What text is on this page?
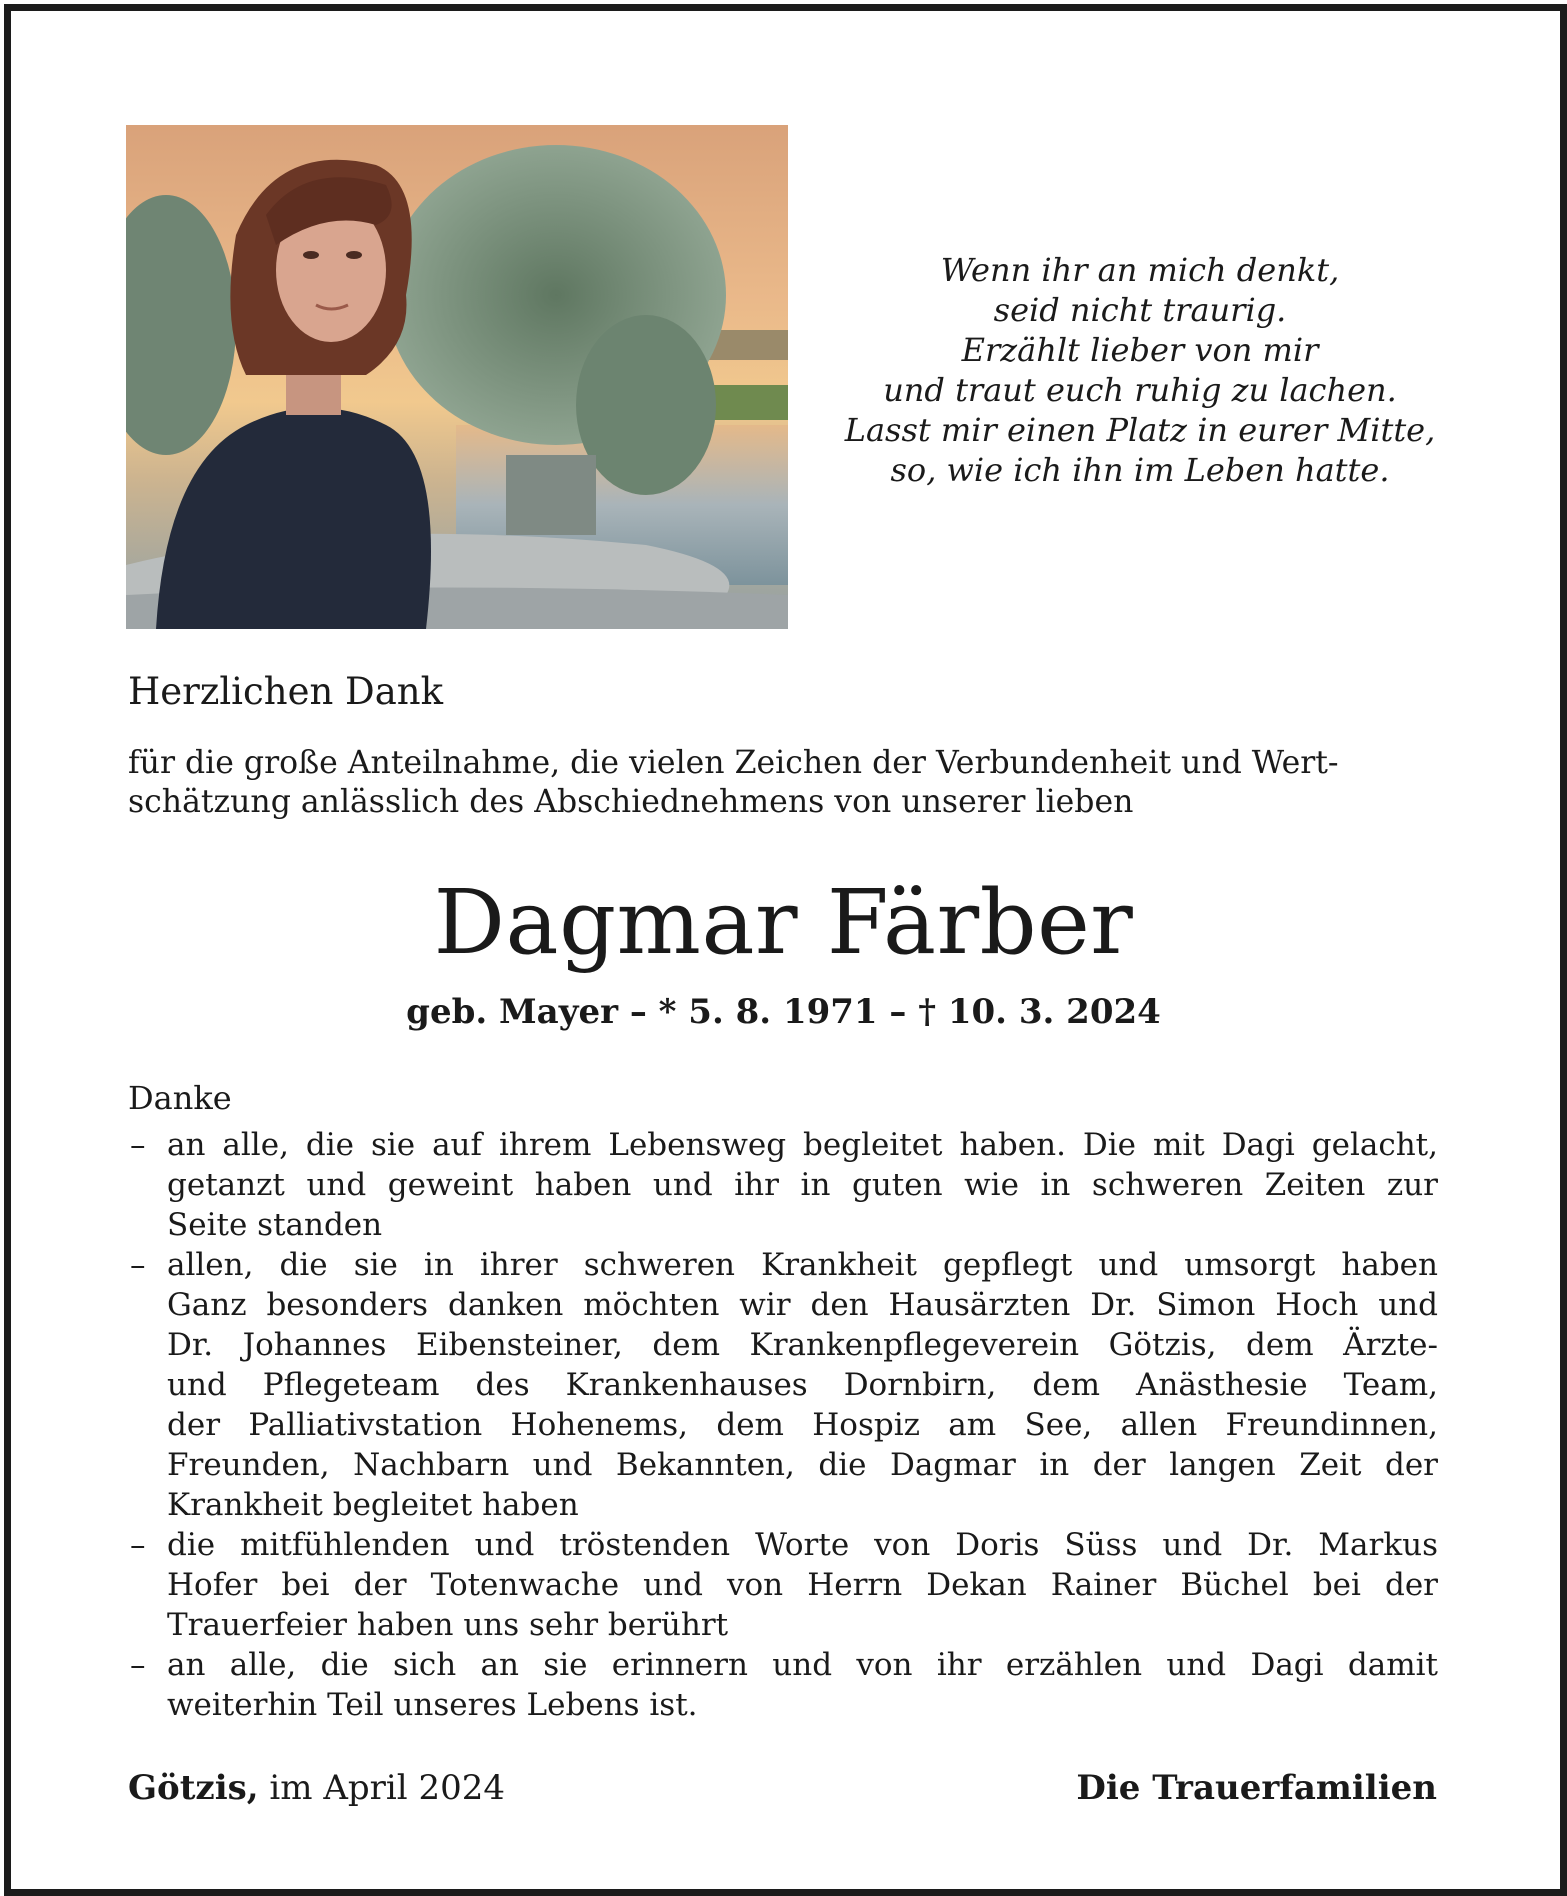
Wenn ihr an mich denkt,
seid nicht traurig.
Erzählt lieber von mir
und traut euch ruhig zu lachen.
Lasst mir einen Platz in eurer Mitte,
so, wie ich ihn im Leben hatte.
Herzlichen Dank
für die große Anteilnahme, die vielen Zeichen der Verbundenheit und Wert-
schätzung anlässlich des Abschiednehmens von unserer lieben
Dagmar Färber
geb. Mayer – * 5. 8. 1971 – † 10. 3. 2024
Danke
– an alle, die sie auf ihrem Lebensweg begleitet haben. Die mit Dagi gelacht,
getanzt und geweint haben und ihr in guten wie in schweren Zeiten zur
Seite standen
– allen, die sie in ihrer schweren Krankheit gepflegt und umsorgt haben
Ganz besonders danken möchten wir den Hausärzten Dr. Simon Hoch und
Dr. Johannes Eibensteiner, dem Krankenpflegeverein Götzis, dem Ärzte-
und Pflegeteam des Krankenhauses Dornbirn, dem Anästhesie Team,
der Palliativstation Hohenems, dem Hospiz am See, allen Freundinnen,
Freunden, Nachbarn und Bekannten, die Dagmar in der langen Zeit der
Krankheit begleitet haben
– die mitfühlenden und tröstenden Worte von Doris Süss und Dr. Markus
Hofer bei der Totenwache und von Herrn Dekan Rainer Büchel bei der
Trauerfeier haben uns sehr berührt
– an alle, die sich an sie erinnern und von ihr erzählen und Dagi damit
weiterhin Teil unseres Lebens ist.
Götzis, im April 2024	Die Trauerfamilien
